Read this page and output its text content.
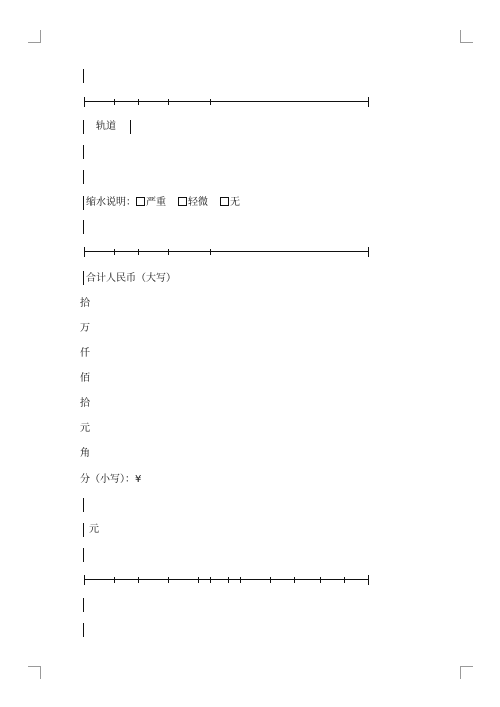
轨道
缩水说明： 严重 轻微 无
合计人民币（大写）
拾
万
仟
佰
拾
元
角
分（小写）：¥
元
